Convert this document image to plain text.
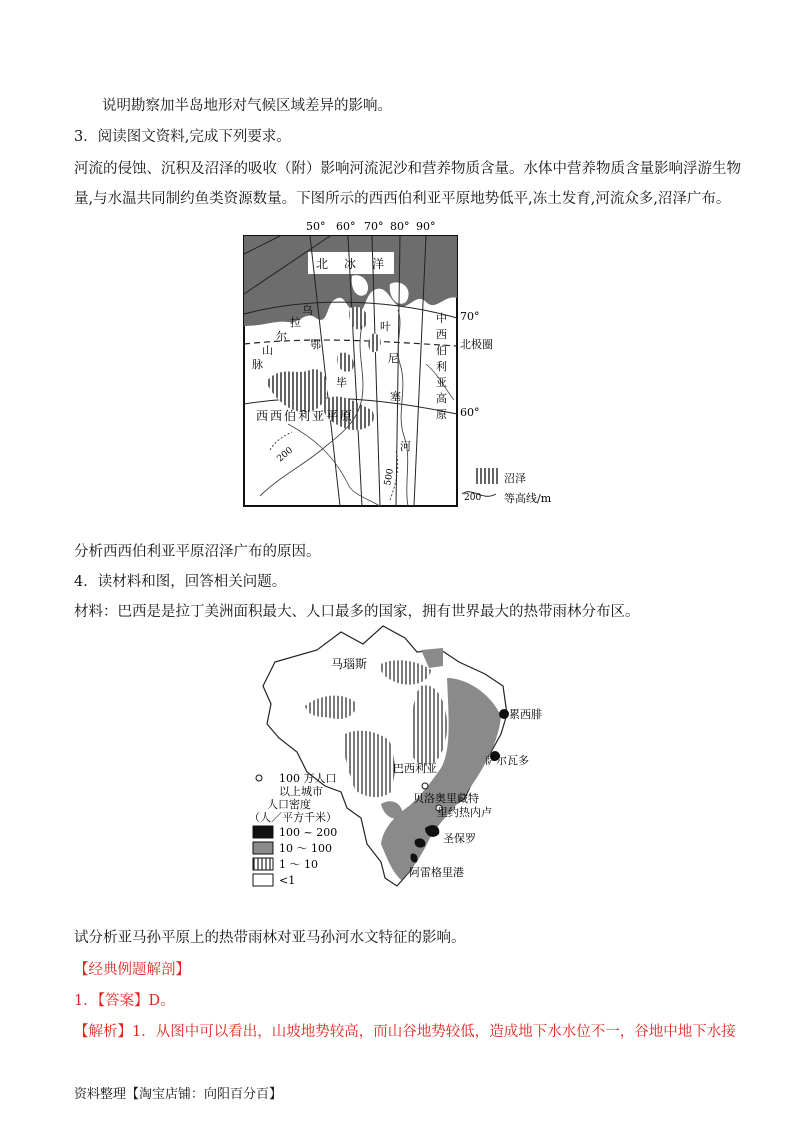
说明勘察加半岛地形对气候区域差异的影响。
3．阅读图文资料,完成下列要求。
河流的侵蚀、沉积及沼泽的吸收（附）影响河流泥沙和营养物质含量。水体中营养物质含量影响浮游生物
量,与水温共同制约鱼类资源数量。下图所示的西西伯利亚平原地势低平,冻土发育,河流众多,沼泽广布。
50° 60° 70° 80° 90°
70°
60°
北极圈
北 冰 洋
乌
拉
尔
山
脉
鄂
毕
叶
尼
塞
河
西西伯利亚平原
中
西
伯
利
亚
高
原
200
500	沼泽
200 等高线/m
分析西西伯利亚平原沼泽广布的原因。
4．读材料和图，回答相关问题。
材料：巴西是是拉丁美洲面积最大、人口最多的国家，拥有世界最大的热带雨林分布区。
马瑙斯
累西腓
萨尔瓦多
巴西利亚
贝洛奥里藏特
里约热内卢
圣保罗
阿雷格里港
100 万人口
以上城市
人口密度
（人／平方千米）
100 ~ 200
10 ～ 100
1 ～ 10
<1
试分析亚马孙平原上的热带雨林对亚马孙河水文特征的影响。
【经典例题解剖】
1．【答案】D。
【解析】1．从图中可以看出，山坡地势较高，而山谷地势较低，造成地下水水位不一，谷地中地下水接
资料整理【淘宝店铺：向阳百分百】
